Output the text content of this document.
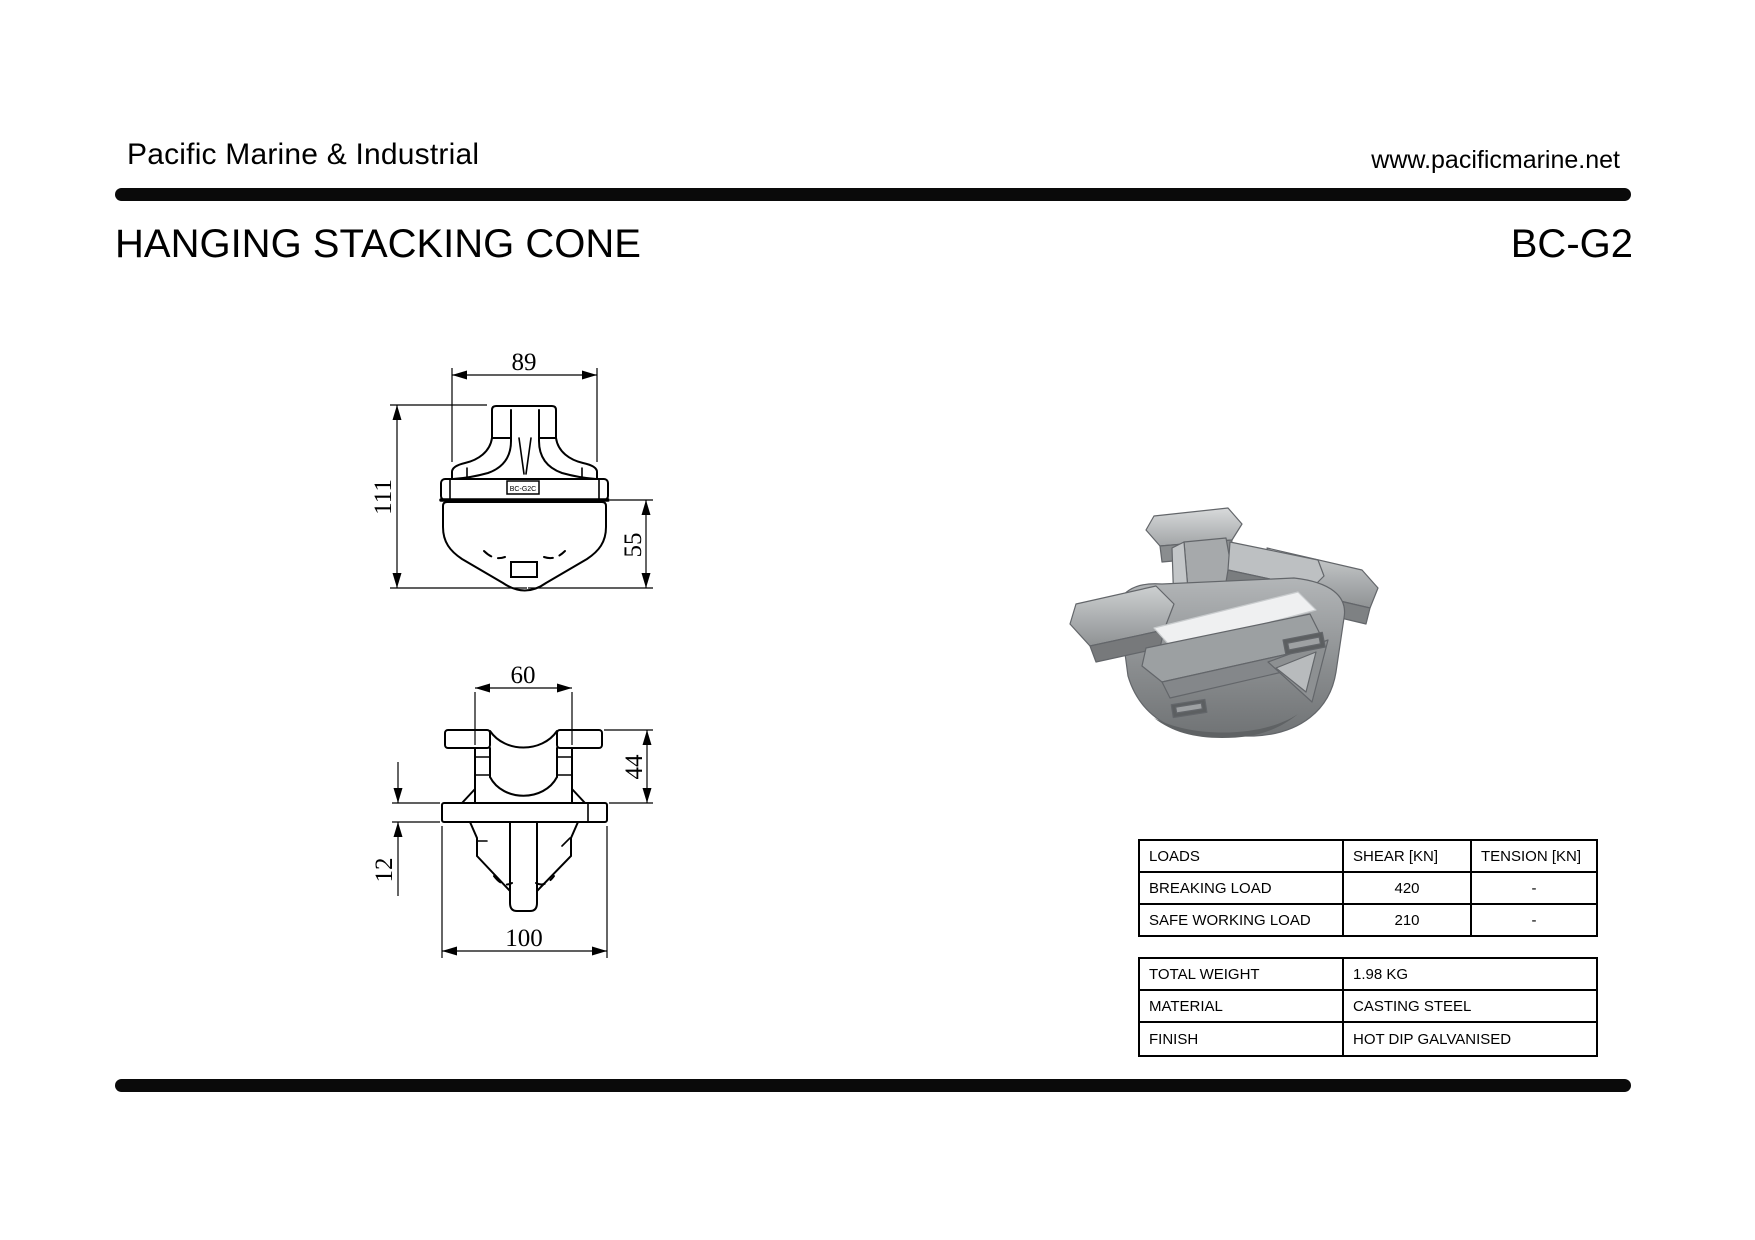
Pacific Marine & Industrial	www.pacificmarine.net
HANGING STACKING CONE	BC-G2
BC-G2C
89
111
55
60
44
12
100
LOADS	SHEAR [KN]	TENSION [KN]
BREAKING LOAD	420	-
SAFE WORKING LOAD	210	-
TOTAL WEIGHT	1.98 KG
MATERIAL	CASTING STEEL
FINISH	HOT DIP GALVANISED
